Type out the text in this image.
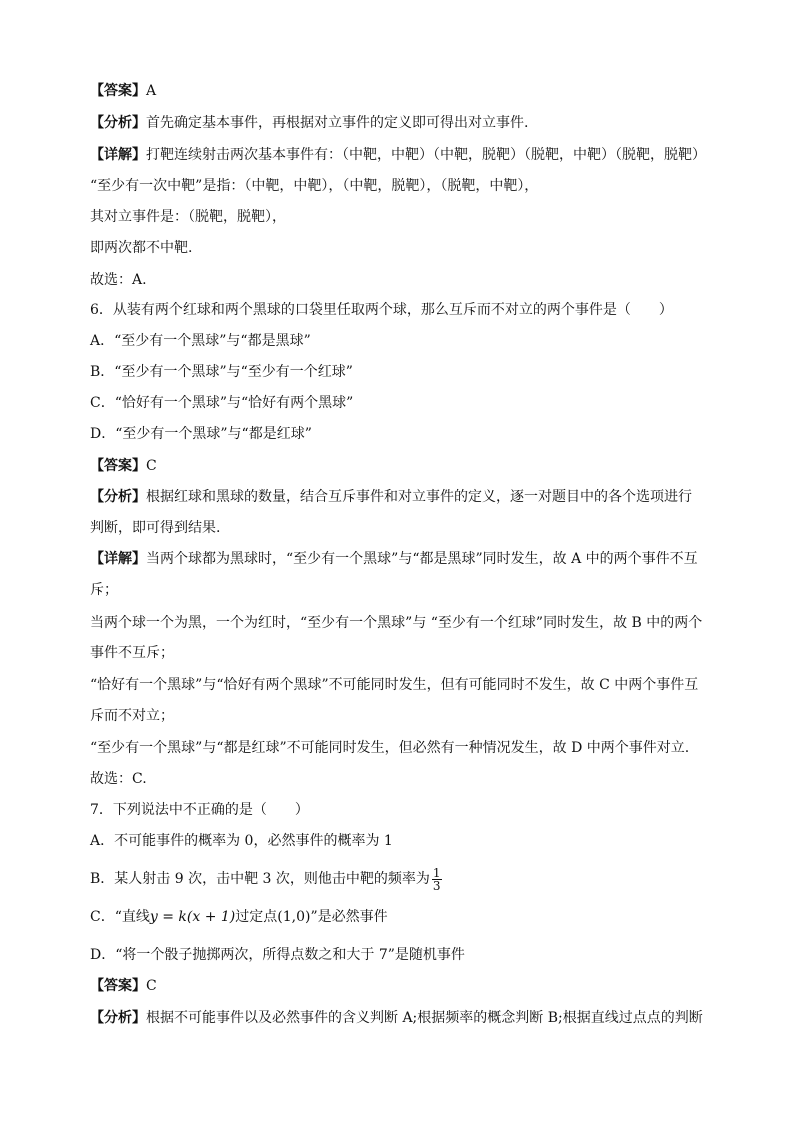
【答案】A
【分析】首先确定基本事件，再根据对立事件的定义即可得出对立事件.
【详解】打靶连续射击两次基本事件有：（中靶，中靶）（中靶，脱靶）（脱靶，中靶）（脱靶，脱靶）
“至少有一次中靶”是指：（中靶，中靶），（中靶，脱靶），（脱靶，中靶），
其对立事件是：（脱靶，脱靶），
即两次都不中靶.
故选：A.
6．从装有两个红球和两个黑球的口袋里任取两个球，那么互斥而不对立的两个事件是（　　）
A．“至少有一个黑球”与“都是黑球”
B．“至少有一个黑球”与“至少有一个红球”
C．“恰好有一个黑球”与“恰好有两个黑球”
D．“至少有一个黑球”与“都是红球”
【答案】C
【分析】根据红球和黑球的数量，结合互斥事件和对立事件的定义，逐一对题目中的各个选项进行
判断，即可得到结果.
【详解】当两个球都为黑球时，“至少有一个黑球”与“都是黑球”同时发生，故 A 中的两个事件不互
斥；
当两个球一个为黑，一个为红时，“至少有一个黑球”与 “至少有一个红球”同时发生，故 B 中的两个
事件不互斥；
“恰好有一个黑球”与“恰好有两个黑球”不可能同时发生，但有可能同时不发生，故 C 中两个事件互
斥而不对立；
“至少有一个黑球”与“都是红球”不可能同时发生，但必然有一种情况发生，故 D 中两个事件对立.
故选：C.
7．下列说法中不正确的是（　　）
A．不可能事件的概率为 0，必然事件的概率为 1
B．某人射击 9 次，击中靶 3 次，则他击中靶的频率为 $\frac{1}{3}$
C．“直线y = k(x + 1)过定点(1,0)”是必然事件
D．“将一个骰子抛掷两次，所得点数之和大于 7”是随机事件
【答案】C
【分析】根据不可能事件以及必然事件的含义判断 A;根据频率的概念判断 B;根据直线过点点的判断
